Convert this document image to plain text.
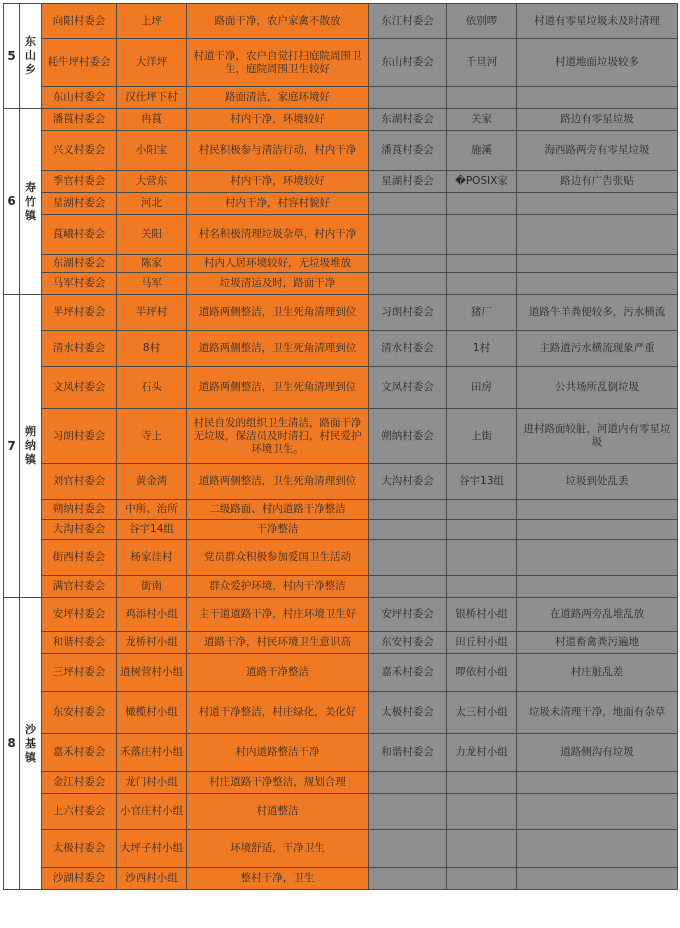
5	东山乡	向阳村委会	上坪	路面干净，农户家禽不散放	东江村委会	依别啰	村道有零星垃圾未及时清理
		耗牛坪村委会	大洋坪	村道干净，农户自觉打扫庭院周围卫生，庭院周围卫生较好	东山村委会	千旦河	村道地面垃圾较多
		东山村委会	汉仕坪下村	路面清洁，家庭环境好			
6	寿竹镇	潘莨村委会	冉莨	村内干净，环境较好	东湖村委会	关家	路边有零星垃圾
		兴义村委会	小阳宝	村民积极参与清洁行动，村内干净	潘莨村委会	施溪	海西路两旁有零星垃圾
		季官村委会	大营东	村内干净，环境较好	星湖村委会	�POSIX家	路边有广告张贴
		星湖村委会	河北	村内干净，村容村貌好			
		莨峨村委会	关阳	村名积极清理垃圾杂草，村内干净			
		东湖村委会	陈家	村内人居环境较好，无垃圾堆放			
		马军村委会	马军	垃圾清运及时，路面干净			
7	朔纳镇	半坪村委会	半坪村	道路两侧整洁，卫生死角清理到位	习朗村委会	猪厂	道路牛羊粪便较多，污水横流
		清水村委会	8村	道路两侧整洁，卫生死角清理到位	清水村委会	1村	主路道污水横流现象严重
		文凤村委会	石头	道路两侧整洁，卫生死角清理到位	文凤村委会	田房	公共场所乱倒垃圾
		习朗村委会	寺上	村民自发的组织卫生清洁，路面干净无垃圾，保洁员及时清扫，村民爱护环境卫生。	朔纳村委会	上街	进村路面较脏，河道内有零星垃圾
		刘官村委会	黄金湾	道路两侧整洁，卫生死角清理到位	大沟村委会	谷宇13组	垃圾到处乱丢
		朔纳村委会	中所、治所	二级路面、村内道路干净整洁			
		大沟村委会	谷宇14组	干净整洁			
		街西村委会	杨家洼村	党员群众积极参加爱国卫生活动			
		满官村委会	街南	群众爱护环境，村内干净整洁			
8	沙基镇	安坪村委会	鸡添村小组	主干道道路干净，村庄环境卫生好	安坪村委会	银桥村小组	在道路两旁乱堆乱放
		和谐村委会	龙桥村小组	道路干净，村民环境卫生意识高	东安村委会	田丘村小组	村道畜禽粪污遍地
		三坪村委会	道树营村小组	道路干净整洁	嘉禾村委会	啰依村小组	村庄脏乱差
		东安村委会	橄榄村小组	村道干净整洁，村庄绿化，美化好	太极村委会	太三村小组	垃圾未清理干净，地面有杂草
		嘉禾村委会	禾落庄村小组	村内道路整洁干净	和谐村委会	力龙村小组	道路侧沟有垃圾
		金江村委会	龙门村小组	村庄道路干净整洁，规划合理			
		上六村委会	小官庄村小组	村道整洁			
		太极村委会	大坪子村小组	环境舒适，干净卫生			
		沙湖村委会	沙西村小组	整村干净，卫生			
